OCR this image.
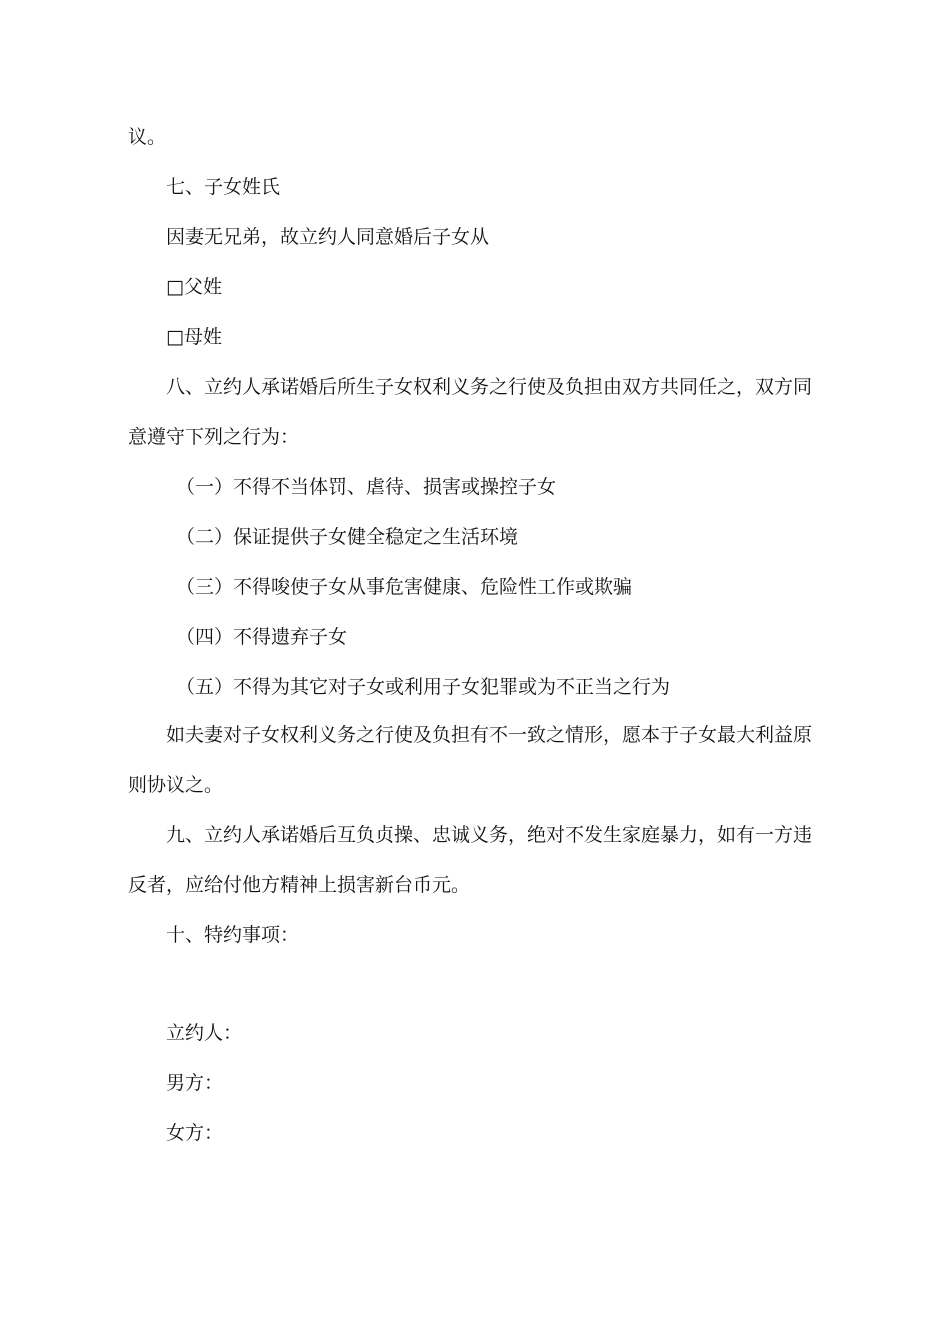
议。
七、子女姓氏
因妻无兄弟，故立约人同意婚后子女从
□父姓
□母姓
八、立约人承诺婚后所生子女权利义务之行使及负担由双方共同任之，双方同
意遵守下列之行为：
（一）不得不当体罚、虐待、损害或操控子女
（二）保证提供子女健全稳定之生活环境
（三）不得唆使子女从事危害健康、危险性工作或欺骗
（四）不得遗弃子女
（五）不得为其它对子女或利用子女犯罪或为不正当之行为
如夫妻对子女权利义务之行使及负担有不一致之情形，愿本于子女最大利益原
则协议之。
九、立约人承诺婚后互负贞操、忠诚义务，绝对不发生家庭暴力，如有一方违
反者，应给付他方精神上损害新台币元。
十、特约事项：
立约人：
男方：
女方：
